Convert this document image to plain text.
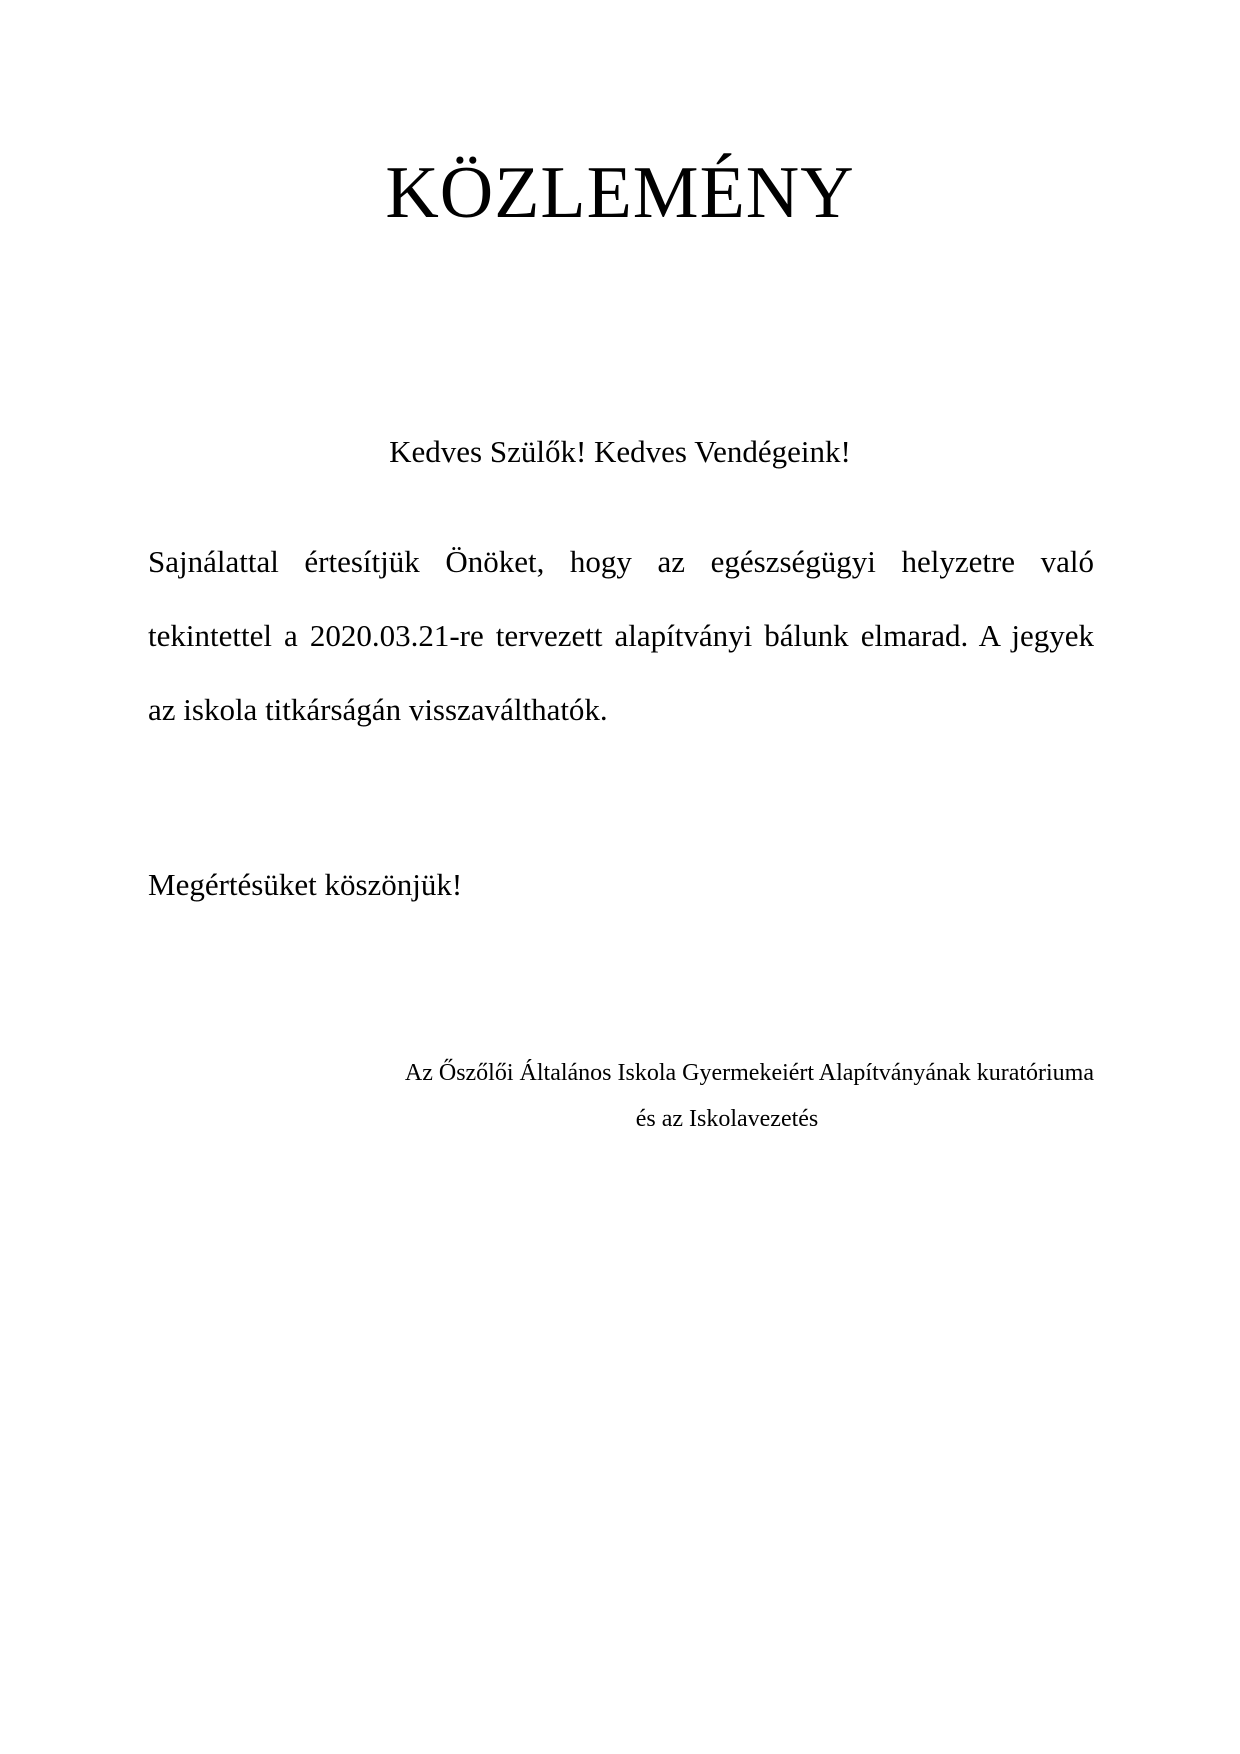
KÖZLEMÉNY

Kedves Szülők! Kedves Vendégeink!

Sajnálattal értesítjük Önöket, hogy az egészségügyi helyzetre való tekintettel a 2020.03.21-re tervezett alapítványi bálunk elmarad. A jegyek az iskola titkárságán visszaválthatók.

Megértésüket köszönjük!

Az Őszőlői Általános Iskola Gyermekeiért Alapítványának kuratóriuma
és az Iskolavezetés
